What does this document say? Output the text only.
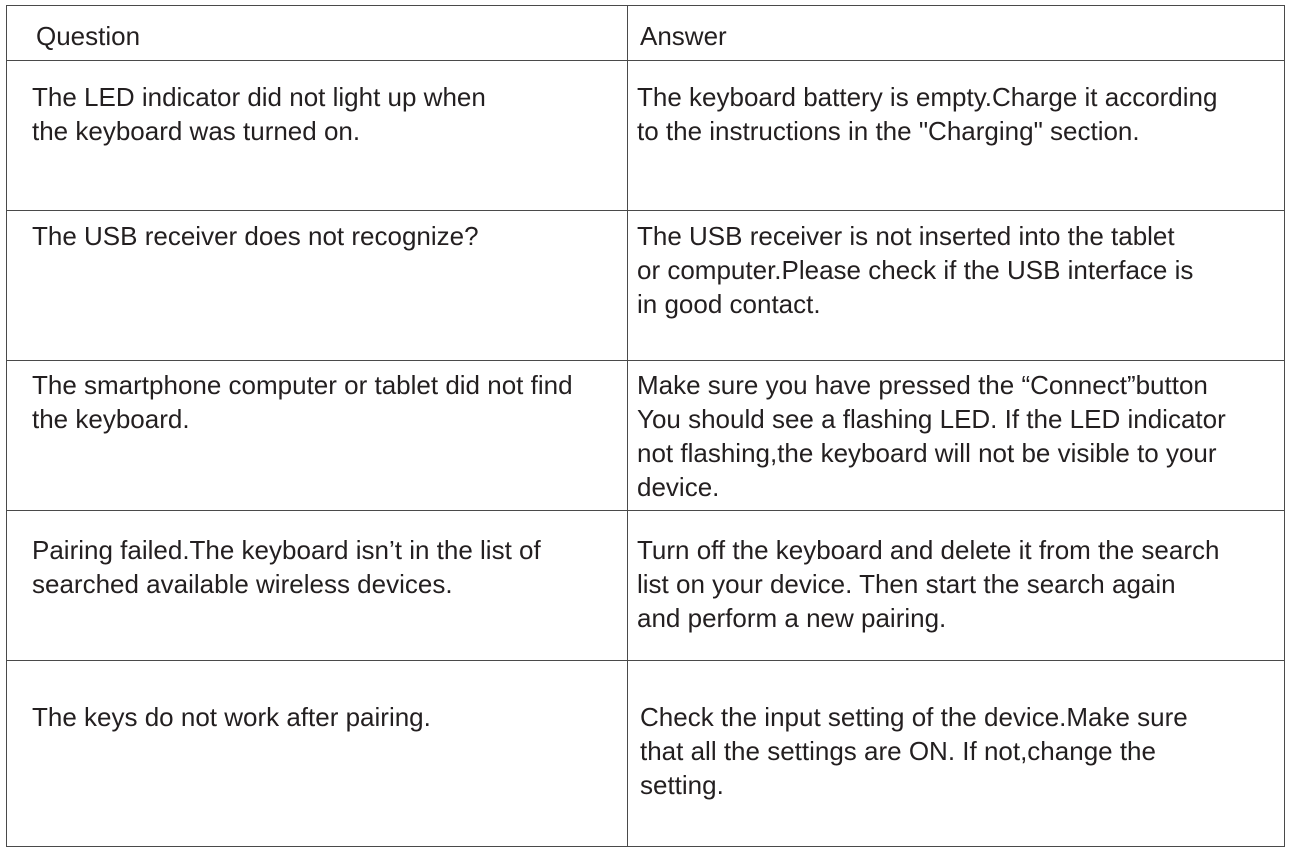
Question	Answer

The LED indicator did not light up when
the keyboard was turned on.	The keyboard battery is empty.Charge it according
to the instructions in the "Charging" section.

The USB receiver does not recognize?	The USB receiver is not inserted into the tablet
or computer.Please check if the USB interface is
in good contact.

The smartphone computer or tablet did not find
the keyboard.	Make sure you have pressed the “Connect”button
You should see a flashing LED. If the LED indicator
not flashing,the keyboard will not be visible to your
device.

Pairing failed.The keyboard isn’t in the list of
searched available wireless devices.	Turn off the keyboard and delete it from the search
list on your device. Then start the search again
and perform a new pairing.

The keys do not work after pairing.	Check the input setting of the device.Make sure
that all the settings are ON. If not,change the
setting.
